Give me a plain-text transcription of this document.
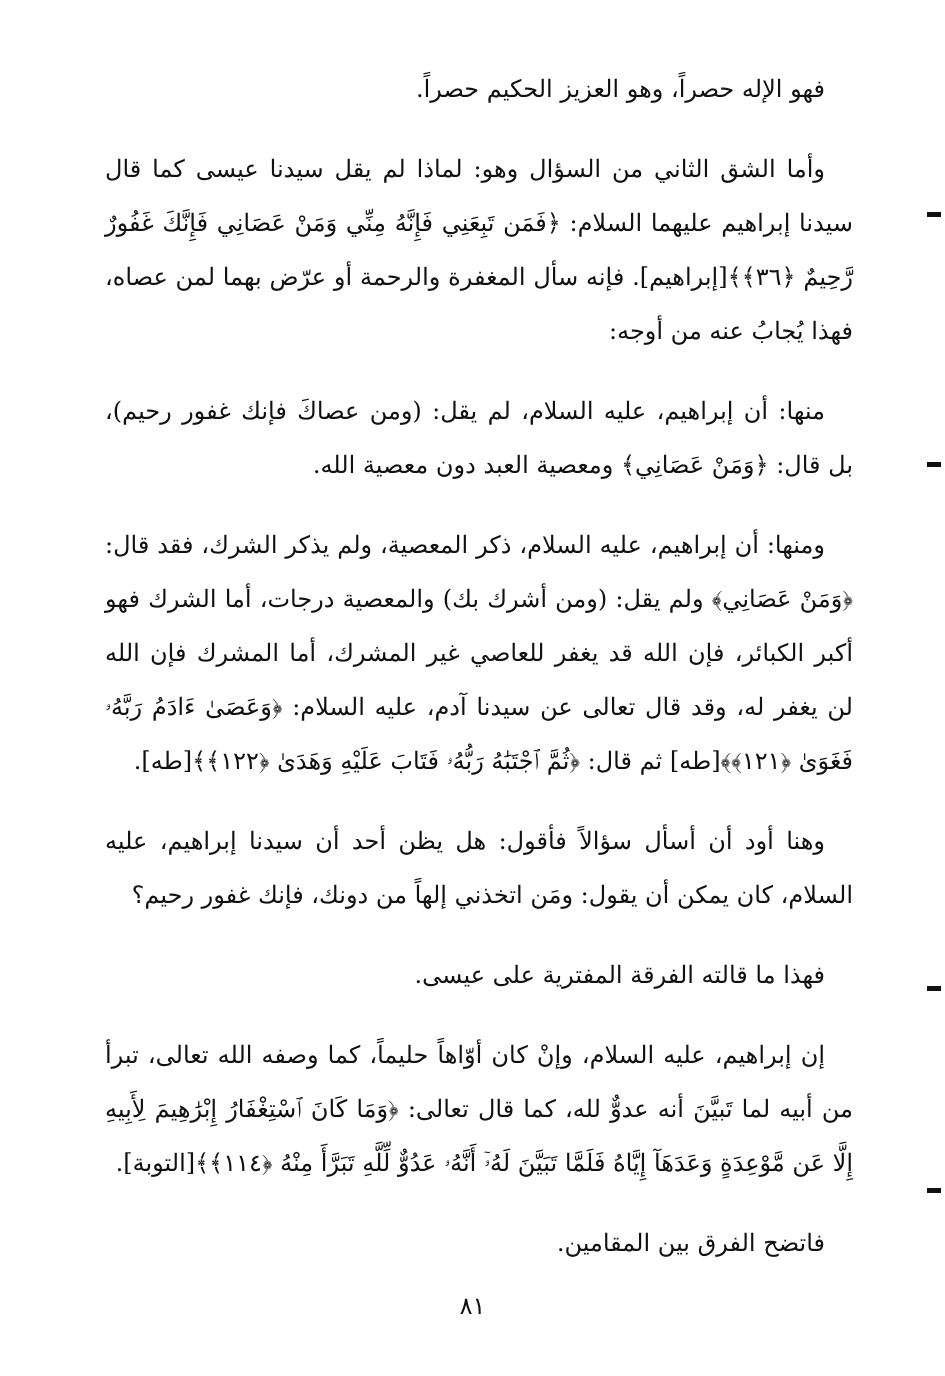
فهو الإله حصراً، وهو العزيز الحكيم حصراً.

وأما الشق الثاني من السؤال وهو: لماذا لم يقل سيدنا عيسى كما قال سيدنا إبراهيم عليهما السلام: ﴿فَمَن تَبِعَنِي فَإِنَّهُ مِنِّي وَمَنْ عَصَانِي فَإِنَّكَ غَفُورٌ رَّحِيمٌ ﴿٣٦﴾﴾[إبراهيم]. فإنه سأل المغفرة والرحمة أو عرّض بهما لمن عصاه، فهذا يُجابُ عنه من أوجه:

منها: أن إبراهيم، عليه السلام، لم يقل: (ومن عصاكَ فإنك غفور رحيم)، بل قال: ﴿وَمَنْ عَصَانِي﴾ ومعصية العبد دون معصية الله.

ومنها: أن إبراهيم، عليه السلام، ذكر المعصية، ولم يذكر الشرك، فقد قال: ﴿وَمَنْ عَصَانِي﴾ ولم يقل: (ومن أشرك بك) والمعصية درجات، أما الشرك فهو أكبر الكبائر، فإن الله قد يغفر للعاصي غير المشرك، أما المشرك فإن الله لن يغفر له، وقد قال تعالى عن سيدنا آدم، عليه السلام: ﴿وَعَصَىٰ ءَادَمُ رَبَّهُۥ فَغَوَىٰ ﴿١٢١﴾﴾[طه] ثم قال: ﴿ثُمَّ ٱجْتَبَٰهُ رَبُّهُۥ فَتَابَ عَلَيْهِ وَهَدَىٰ ﴿١٢٢﴾﴾[طه].

وهنا أود أن أسأل سؤالاً فأقول: هل يظن أحد أن سيدنا إبراهيم، عليه السلام، كان يمكن أن يقول: ومَن اتخذني إلهاً من دونك، فإنك غفور رحيم؟

فهذا ما قالته الفرقة المفترية على عيسى.

إن إبراهيم، عليه السلام، وإنْ كان أوّاهاً حليماً، كما وصفه الله تعالى، تبرأ من أبيه لما تَبيَّنَ أنه عدوٌّ لله، كما قال تعالى: ﴿وَمَا كَانَ ٱسْتِغْفَارُ إِبْرَٰهِيمَ لِأَبِيهِ إِلَّا عَن مَّوْعِدَةٍ وَعَدَهَآ إِيَّاهُ فَلَمَّا تَبَيَّنَ لَهُۥٓ أَنَّهُۥ عَدُوٌّ لِّلَّهِ تَبَرَّأَ مِنْهُ ﴿١١٤﴾﴾[التوبة].

فاتضح الفرق بين المقامين.

٨١
